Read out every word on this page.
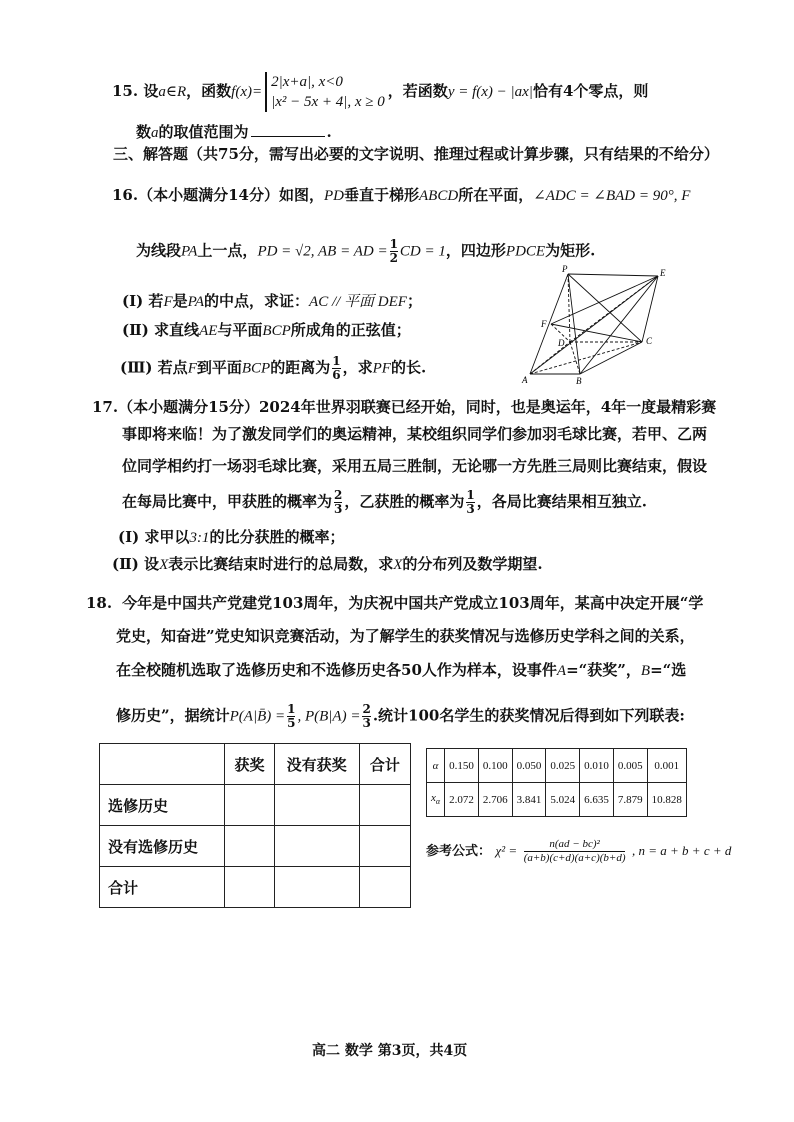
15. 设a∈R，函数f(x)=
2|x+a|, x<0
|x² − 5x + 4|, x ≥ 0
，若函数y = f(x) − |ax|恰有4个零点，则
数a的取值范围为	.
三、解答题（共75分，需写出必要的文字说明、推理过程或计算步骤，只有结果的不给分）
16.（本小题满分14分）如图，PD垂直于梯形ABCD所在平面，∠ADC = ∠BAD = 90°, F
为线段PA上一点，PD = √2, AB = AD = $\frac{1}{2}$ CD = 1，四边形PDCE为矩形.
(I) 若F是PA的中点，求证：AC // 平面 DEF；
(Ⅱ) 求直线AE与平面BCP所成角的正弦值；
(Ⅲ) 若点F到平面BCP的距离为 $\frac{1}{6}$ ，求PF的长.
P	E
F
D	C
A	B
17.（本小题满分15分）2024年世界羽联赛已经开始，同时，也是奥运年，4年一度最精彩赛
事即将来临！为了激发同学们的奥运精神，某校组织同学们参加羽毛球比赛，若甲、乙两
位同学相约打一场羽毛球比赛，采用五局三胜制，无论哪一方先胜三局则比赛结束，假设
在每局比赛中，甲获胜的概率为 $\frac{2}{3}$ ，乙获胜的概率为 $\frac{1}{3}$ ，各局比赛结果相互独立.
(I) 求甲以3:1的比分获胜的概率；
(Ⅱ) 设X表示比赛结束时进行的总局数，求X的分布列及数学期望.
18. 今年是中国共产党建党103周年，为庆祝中国共产党成立103周年，某高中决定开展“学
党史，知奋进”党史知识竞赛活动，为了解学生的获奖情况与选修历史学科之间的关系，
在全校随机选取了选修历史和不选修历史各50人作为样本，设事件A=“获奖”，B=“选
修历史”，据统计P(A|B̄) = $\frac{1}{5}$ , $P(B|A) = \frac{2}{3}$ .统计100名学生的获奖情况后得到如下列联表:
	获奖	没有获奖	合计
选修历史			
没有选修历史			
合计			
α	0.150	0.100	0.050	0.025	0.010	0.005	0.001
$x_\alpha$	2.072	2.706	3.841	5.024	6.635	7.879	10.828
参考公式： $\chi^2 = \frac{\text{n(ad − bc)²}}{(a+b)(c+d)(a+c)(b+d)}$ , n = a + b + c + d
高二 数学 第3页，共4页
